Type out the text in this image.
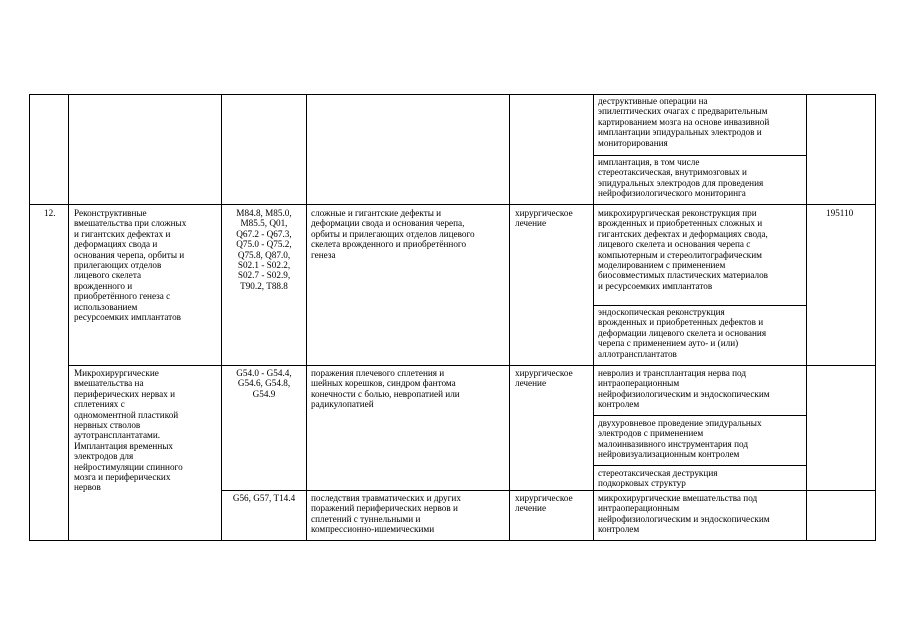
деструктивные операции на
эпилептических очагах с предварительным
картированием мозга на основе инвазивной
имплантации эпидуральных электродов и
мониторирования
имплантация, в том числе
стереотаксическая, внутримозговых и
эпидуральных электродов для проведения
нейрофизиологического мониторинга
12. Реконструктивные
вмешательства при сложных
и гигантских дефектах и
деформациях свода и
основания черепа, орбиты и
прилегающих отделов
лицевого скелета
врожденного и
приобретённого генеза с
использованием
ресурсоемких имплантатов
M84.8, M85.0,
M85.5, Q01,
Q67.2 - Q67.3,
Q75.0 - Q75.2,
Q75.8, Q87.0,
S02.1 - S02.2,
S02.7 - S02.9,
T90.2, T88.8
сложные и гигантские дефекты и
деформации свода и основания черепа,
орбиты и прилегающих отделов лицевого
скелета врожденного и приобретённого
генеза
хирургическое
лечение
микрохирургическая реконструкция при
врожденных и приобретенных сложных и
гигантских дефектах и деформациях свода,
лицевого скелета и основания черепа с
компьютерным и стереолитографическим
моделированием с применением
биосовместимых пластических материалов
и ресурсоемких имплантатов
эндоскопическая реконструкция
врожденных и приобретенных дефектов и
деформации лицевого скелета и основания
черепа с применением ауто- и (или)
аллотрансплантатов
195110
Микрохирургические
вмешательства на
периферических нервах и
сплетениях с
одномоментной пластикой
нервных стволов
аутотрансплантатами.
Имплантация временных
электродов для
нейростимуляции спинного
мозга и периферических
нервов
G54.0 - G54.4,
G54.6, G54.8,
G54.9
поражения плечевого сплетения и
шейных корешков, синдром фантома
конечности с болью, невропатией или
радикулопатией
хирургическое
лечение
невролиз и трансплантация нерва под
интраоперационным
нейрофизиологическим и эндоскопическим
контролем
двухуровневое проведение эпидуральных
электродов с применением
малоинвазивного инструментария под
нейровизуализационным контролем
стереотаксическая деструкция
подкорковых структур
G56, G57, T14.4	последствия травматических и других
поражений периферических нервов и
сплетений с туннельными и
компрессионно-ишемическими
хирургическое
лечение
микрохирургические вмешательства под
интраоперационным
нейрофизиологическим и эндоскопическим
контролем
